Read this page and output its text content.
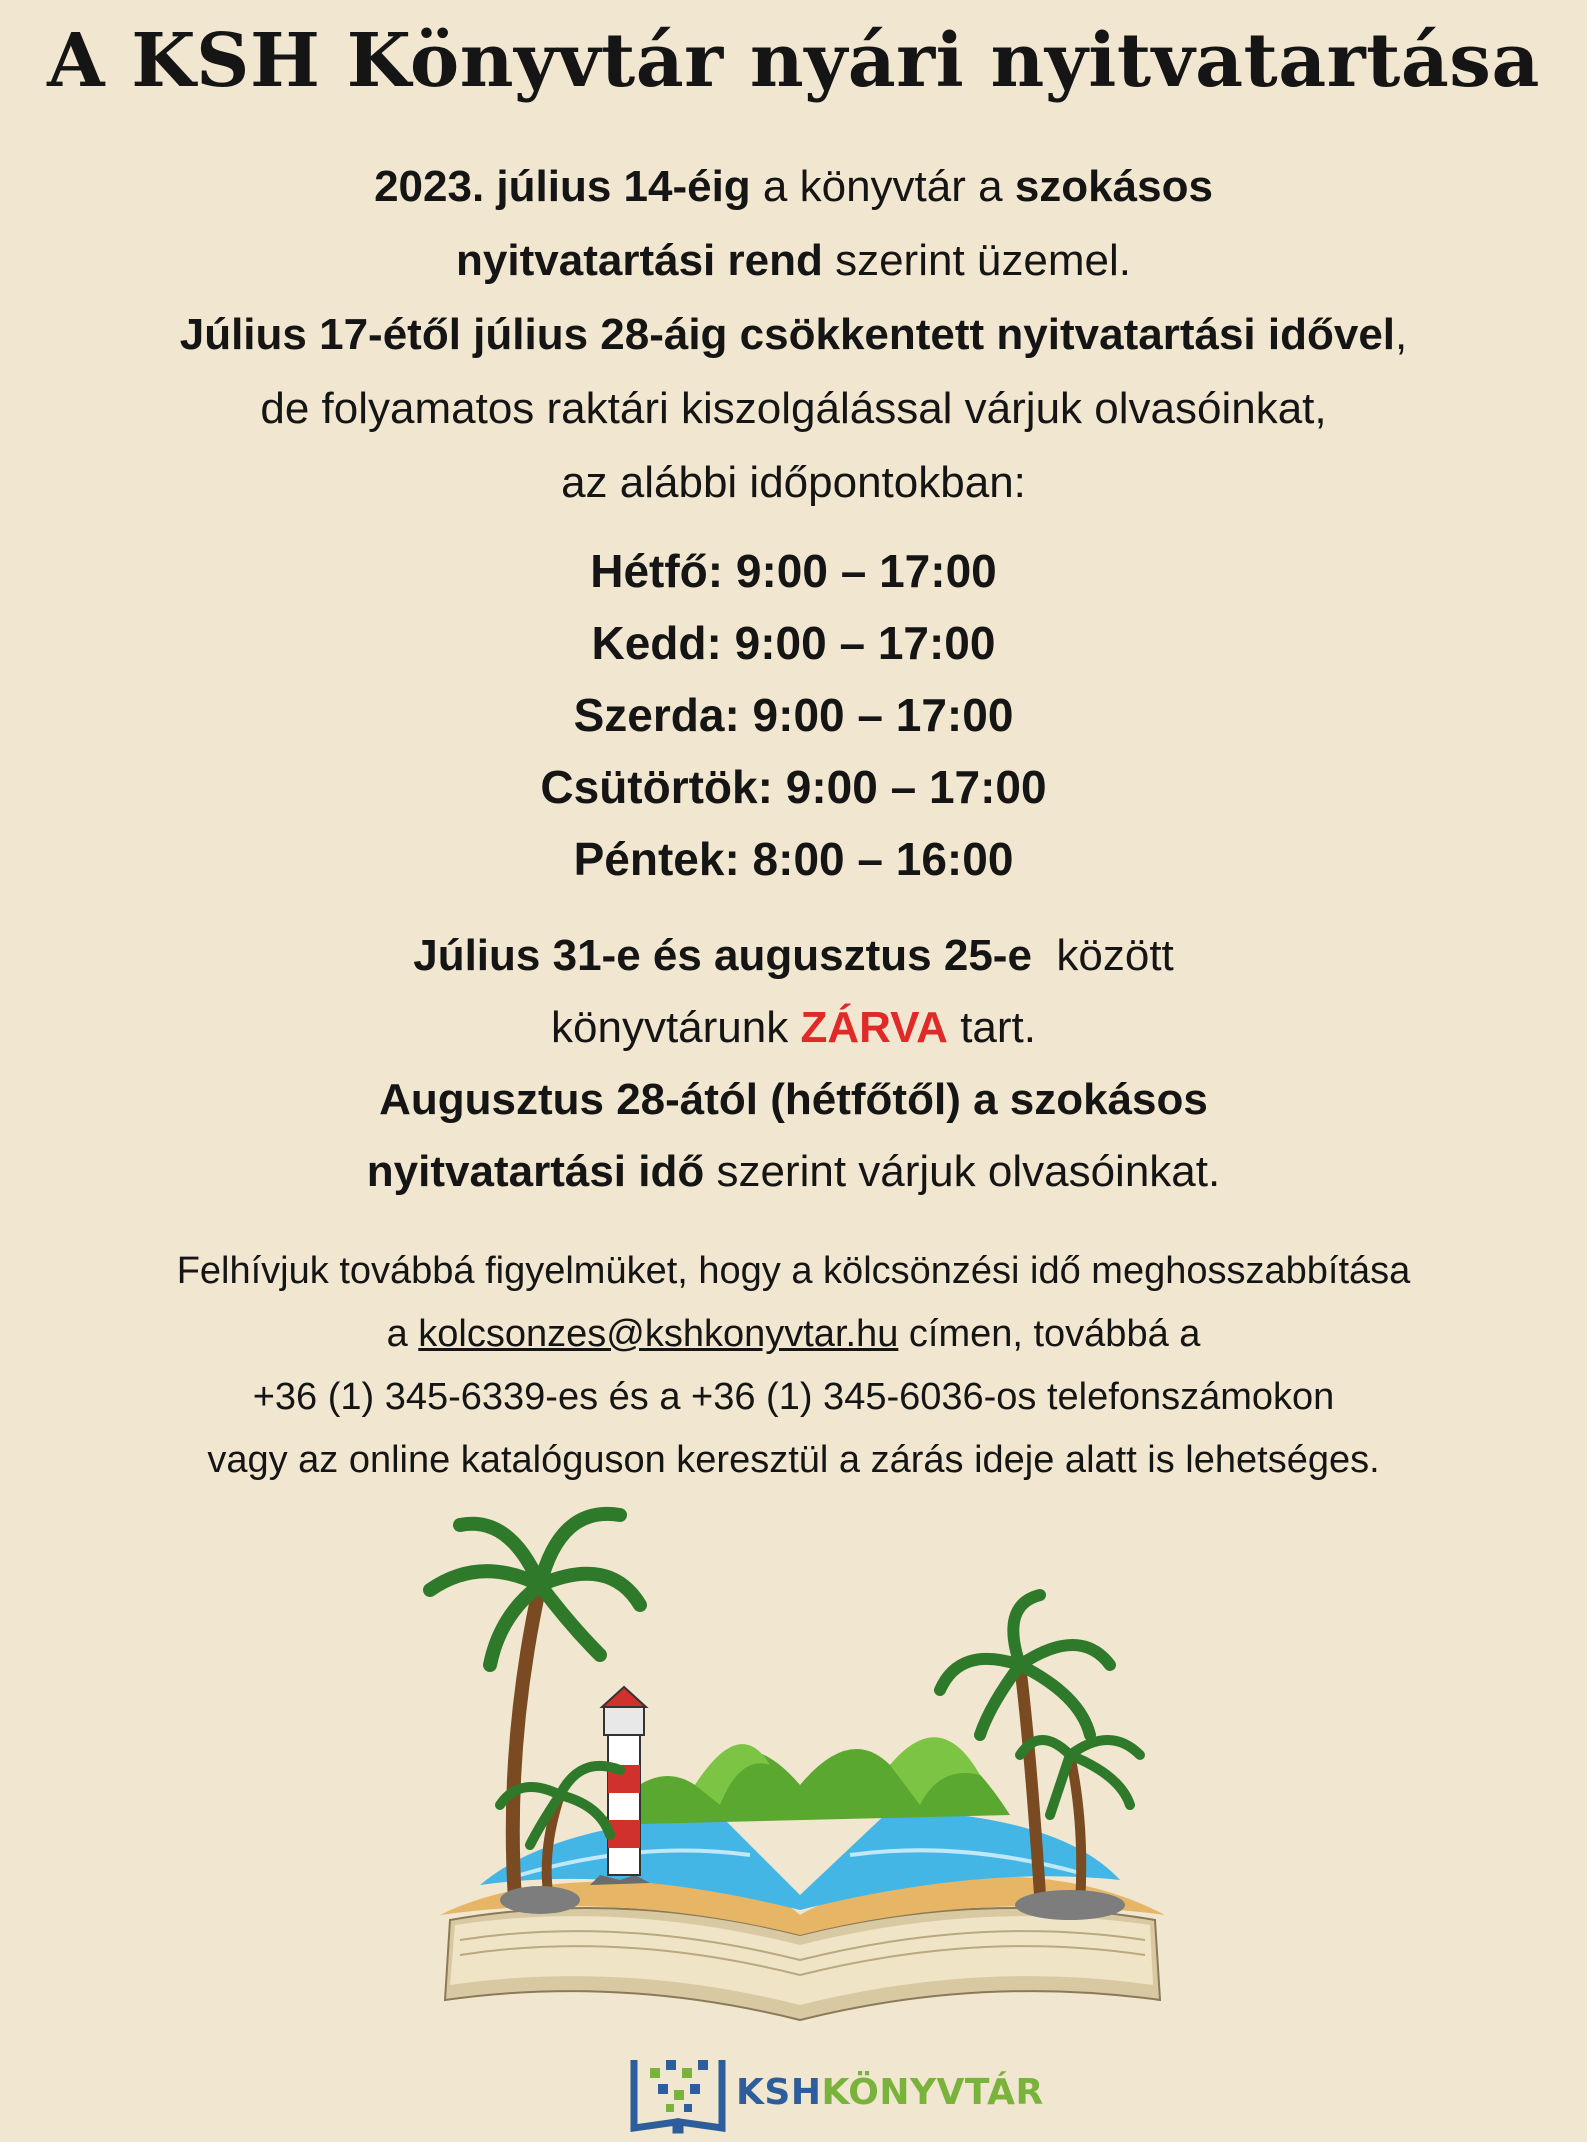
A KSH Könyvtár nyári nyitvatartása

2023. július 14-éig a könyvtár a szokásos

nyitvatartási rend szerint üzemel.

Július 17-étől július 28-áig csökkentett nyitvatartási idővel,

de folyamatos raktári kiszolgálással várjuk olvasóinkat,

az alábbi időpontokban:

Hétfő: 9:00 – 17:00

Kedd: 9:00 – 17:00

Szerda: 9:00 – 17:00

Csütörtök: 9:00 – 17:00

Péntek: 8:00 – 16:00

Július 31-e és augusztus 25-e  között

könyvtárunk ZÁRVA tart.

Augusztus 28-ától (hétfőtől) a szokásos

nyitvatartási idő szerint várjuk olvasóinkat.

Felhívjuk továbbá figyelmüket, hogy a kölcsönzési idő meghosszabbítása

a kolcsonzes@kshkonyvtar.hu címen, továbbá a

+36 (1) 345-6339-es és a +36 (1) 345-6036-os telefonszámokon

vagy az online katalóguson keresztül a zárás ideje alatt is lehetséges.

KSHKÖNYVTÁR
